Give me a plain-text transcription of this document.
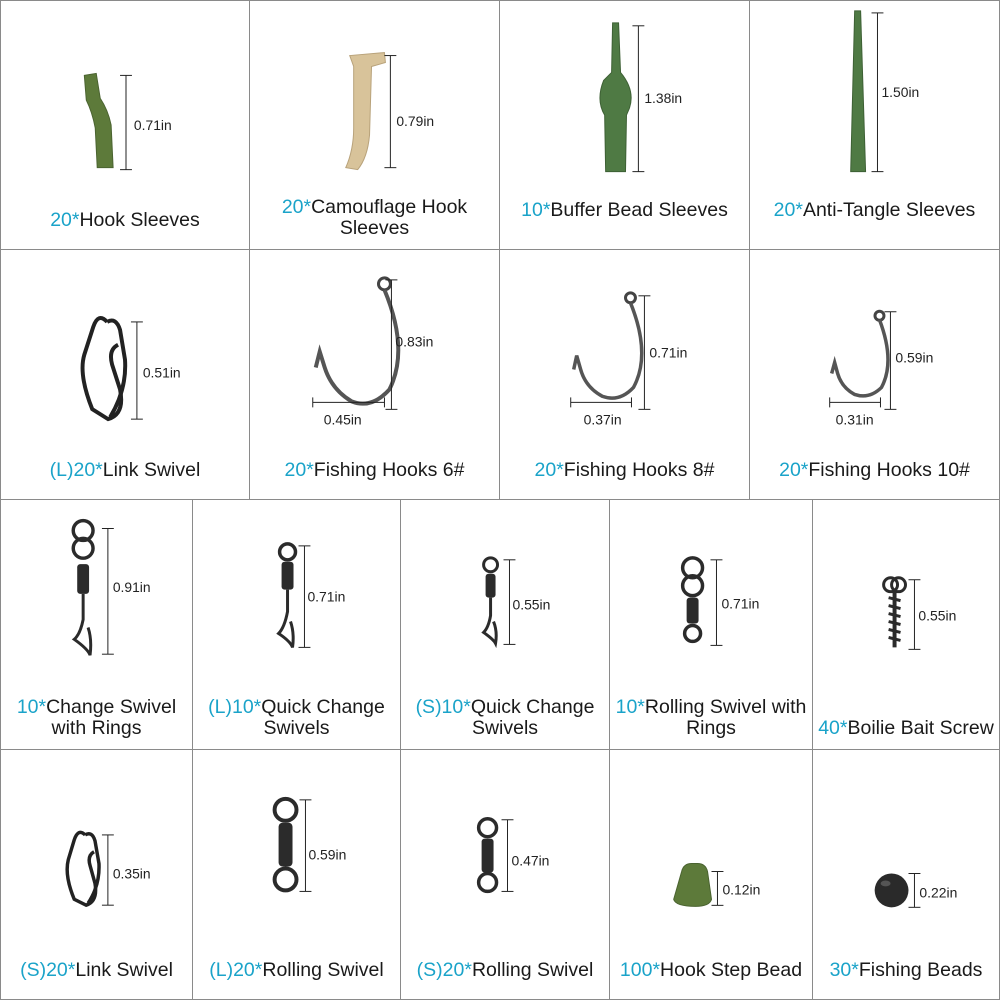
0.71in
20*Hook Sleeves
0.79in
20*Camouflage Hook Sleeves
1.38in
10*Buffer Bead Sleeves
1.50in
20*Anti-Tangle Sleeves
0.51in
(L)20*Link Swivel
0.45in
0.83in
20*Fishing Hooks 6#
0.37in
0.71in
20*Fishing Hooks 8#
0.31in
0.59in
20*Fishing Hooks 10#
0.91in
10*Change Swivel with Rings
0.71in
(L)10*Quick Change Swivels
0.55in
(S)10*Quick Change Swivels
0.71in
10*Rolling Swivel with Rings
0.55in
40*Boilie Bait Screw
0.35in
(S)20*Link Swivel
0.59in
(L)20*Rolling Swivel
0.47in
(S)20*Rolling Swivel
0.12in
100*Hook Step Bead
0.22in
30*Fishing Beads
